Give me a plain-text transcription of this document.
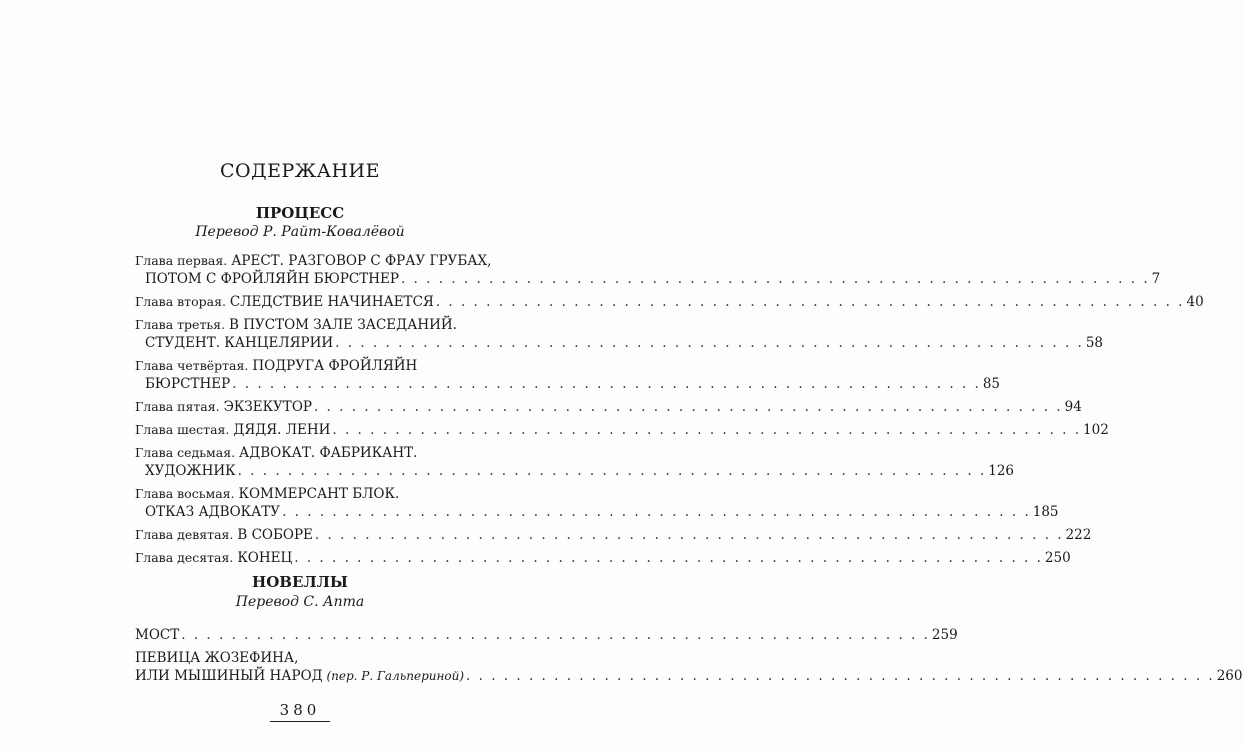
СОДЕРЖАНИЕ
ПРОЦЕСС
Перевод Р. Райт-Ковалёвой
Глава первая. АРЕСТ. РАЗГОВОР С ФРАУ ГРУБАХ,
ПОТОМ С ФРОЙЛЯЙН БЮРСТНЕР . . . . . . . . . . . . . . . . . . . . . . . . . . . . . . . . . . . . . . . . . . . . . . . . . . . . . . . . . . . . 7
Глава вторая. СЛЕДСТВИЕ НАЧИНАЕТСЯ . . . . . . . . . . . . . . . . . . . . . . . . . . . . . . . . . . . . . . . . . . . . . . . . . . . . . . . . . . . . 40
Глава третья. В ПУСТОМ ЗАЛЕ ЗАСЕДАНИЙ.
СТУДЕНТ. КАНЦЕЛЯРИИ . . . . . . . . . . . . . . . . . . . . . . . . . . . . . . . . . . . . . . . . . . . . . . . . . . . . . . . . . . . . 58
Глава четвёртая. ПОДРУГА ФРОЙЛЯЙН
БЮРСТНЕР . . . . . . . . . . . . . . . . . . . . . . . . . . . . . . . . . . . . . . . . . . . . . . . . . . . . . . . . . . . . 85
Глава пятая. ЭКЗЕКУТОР . . . . . . . . . . . . . . . . . . . . . . . . . . . . . . . . . . . . . . . . . . . . . . . . . . . . . . . . . . . . 94
Глава шестая. ДЯДЯ. ЛЕНИ . . . . . . . . . . . . . . . . . . . . . . . . . . . . . . . . . . . . . . . . . . . . . . . . . . . . . . . . . . . . 102
Глава седьмая. АДВОКАТ. ФАБРИКАНТ.
ХУДОЖНИК . . . . . . . . . . . . . . . . . . . . . . . . . . . . . . . . . . . . . . . . . . . . . . . . . . . . . . . . . . . . 126
Глава восьмая. КОММЕРСАНТ БЛОК.
ОТКАЗ АДВОКАТУ . . . . . . . . . . . . . . . . . . . . . . . . . . . . . . . . . . . . . . . . . . . . . . . . . . . . . . . . . . . . 185
Глава девятая. В СОБОРЕ . . . . . . . . . . . . . . . . . . . . . . . . . . . . . . . . . . . . . . . . . . . . . . . . . . . . . . . . . . . . 222
Глава десятая. КОНЕЦ . . . . . . . . . . . . . . . . . . . . . . . . . . . . . . . . . . . . . . . . . . . . . . . . . . . . . . . . . . . . 250
НОВЕЛЛЫ
Перевод С. Апта
МОСТ . . . . . . . . . . . . . . . . . . . . . . . . . . . . . . . . . . . . . . . . . . . . . . . . . . . . . . . . . . . . 259
ПЕВИЦА ЖОЗЕФИНА,
ИЛИ МЫШИНЫЙ НАРОД (пер. Р. Гальпериной) . . . . . . . . . . . . . . . . . . . . . . . . . . . . . . . . . . . . . . . . . . . . . . . . . . . . . . . . . . . . 260
380
